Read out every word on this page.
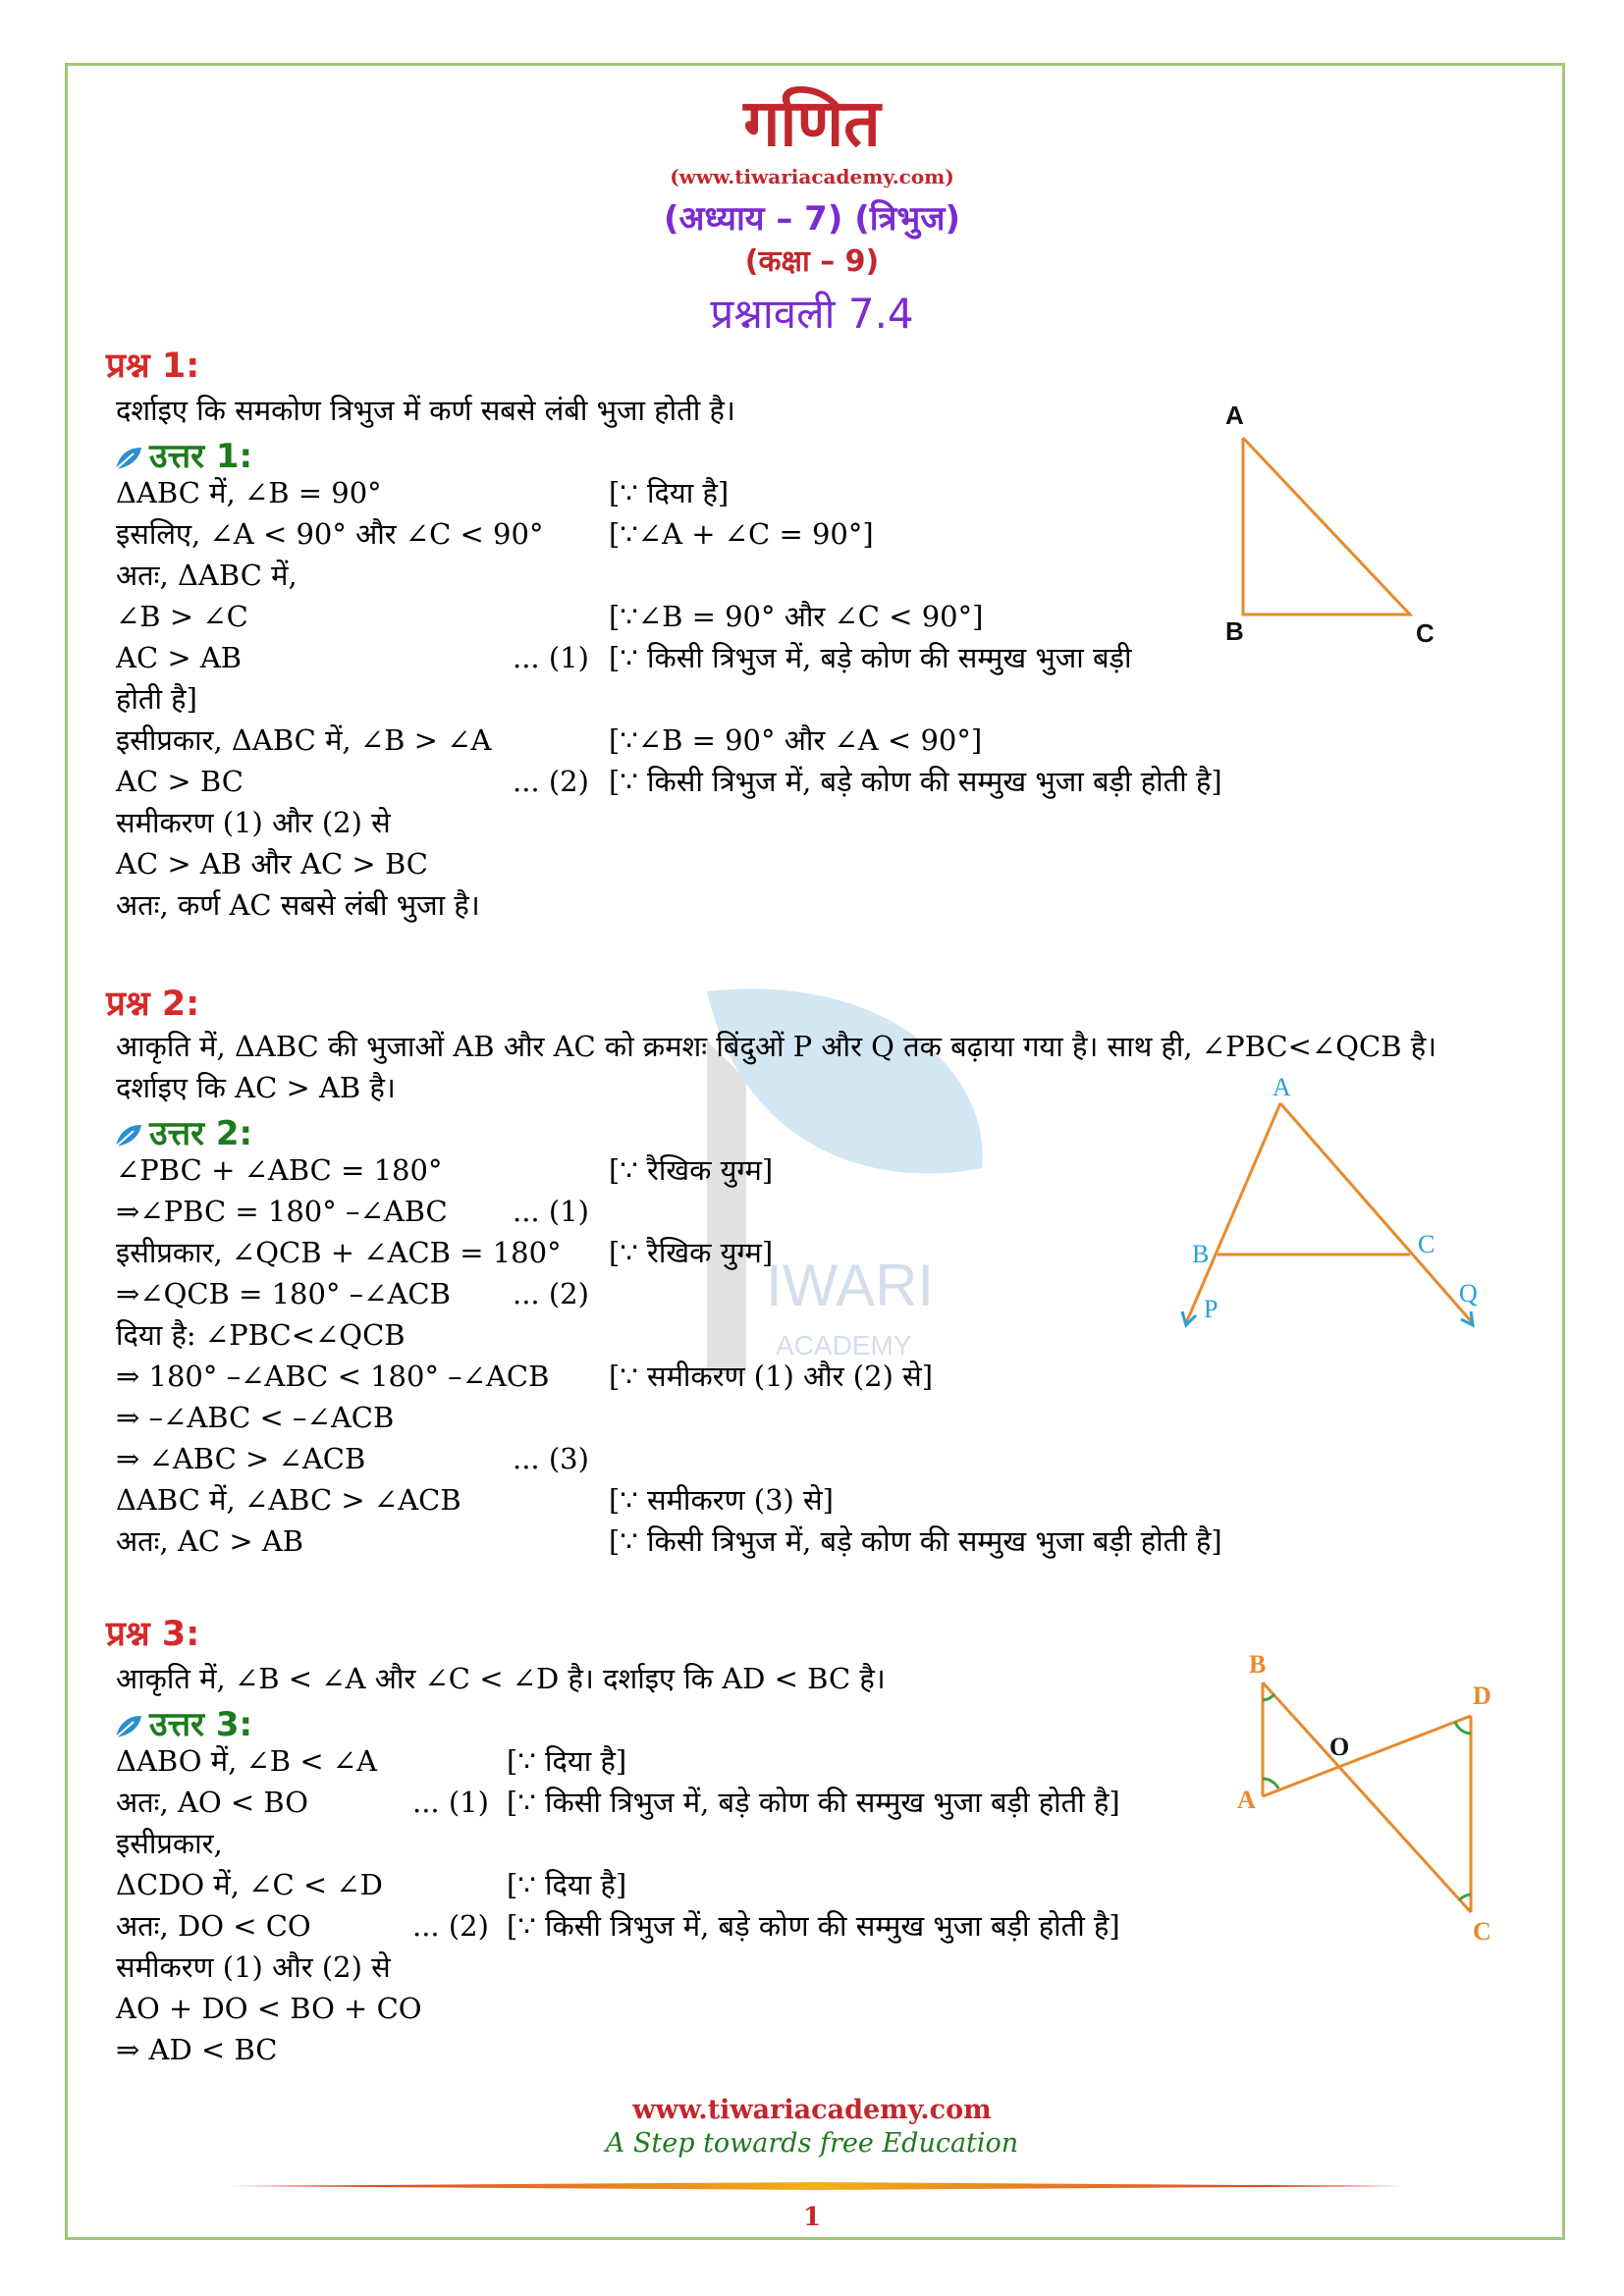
IWARI
ACADEMY
गणित
(www.tiwariacademy.com)
(अध्याय – 7) (त्रिभुज)
(कक्षा – 9)
प्रश्नावली 7.4
प्रश्न 1:
दर्शाइए कि समकोण त्रिभुज में कर्ण सबसे लंबी भुजा होती है।
उत्तर 1:
ΔABC में, ∠B = 90°	[∵ दिया है]
इसलिए, ∠A < 90° और ∠C < 90° [∵∠A + ∠C = 90°]
अतः, ΔABC में,
∠B > ∠C	[∵∠B = 90° और ∠C < 90°]
AC > AB	... (1) [∵ किसी त्रिभुज में, बड़े कोण की सम्मुख भुजा बड़ी
होती है]
इसीप्रकार, ΔABC में, ∠B > ∠A	[∵∠B = 90° और ∠A < 90°]
AC > BC	... (2) [∵ किसी त्रिभुज में, बड़े कोण की सम्मुख भुजा बड़ी होती है]
समीकरण (1) और (2) से
AC > AB और AC > BC
अतः, कर्ण AC सबसे लंबी भुजा है।
A
B	C
प्रश्न 2:
आकृति में, ΔABC की भुजाओं AB और AC को क्रमशः बिंदुओं P और Q तक बढ़ाया गया है। साथ ही, ∠PBC<∠QCB है।
दर्शाइए कि AC > AB है।
उत्तर 2:
∠PBC + ∠ABC = 180°	[∵ रैखिक युग्म]
⇒∠PBC = 180° –∠ABC ... (1)
इसीप्रकार, ∠QCB + ∠ACB = 180° [∵ रैखिक युग्म]
⇒∠QCB = 180° –∠ACB ... (2)
दिया है: ∠PBC<∠QCB
⇒ 180° –∠ABC < 180° –∠ACB [∵ समीकरण (1) और (2) से]
⇒ –∠ABC < –∠ACB
⇒ ∠ABC > ∠ACB	... (3)
ΔABC में, ∠ABC > ∠ACB	[∵ समीकरण (3) से]
अतः, AC > AB	[∵ किसी त्रिभुज में, बड़े कोण की सम्मुख भुजा बड़ी होती है]
A
B	C
P
Q
प्रश्न 3:
आकृति में, ∠B < ∠A और ∠C < ∠D है। दर्शाइए कि AD < BC है।
उत्तर 3:
ΔABO में, ∠B < ∠A	[∵ दिया है]
अतः, AO < BO	... (1) [∵ किसी त्रिभुज में, बड़े कोण की सम्मुख भुजा बड़ी होती है]
इसीप्रकार,
ΔCDO में, ∠C < ∠D	[∵ दिया है]
अतः, DO < CO	... (2) [∵ किसी त्रिभुज में, बड़े कोण की सम्मुख भुजा बड़ी होती है]
समीकरण (1) और (2) से
AO + DO < BO + CO
⇒ AD < BC
B
A
D
C
O
www.tiwariacademy.com
A Step towards free Education
1
